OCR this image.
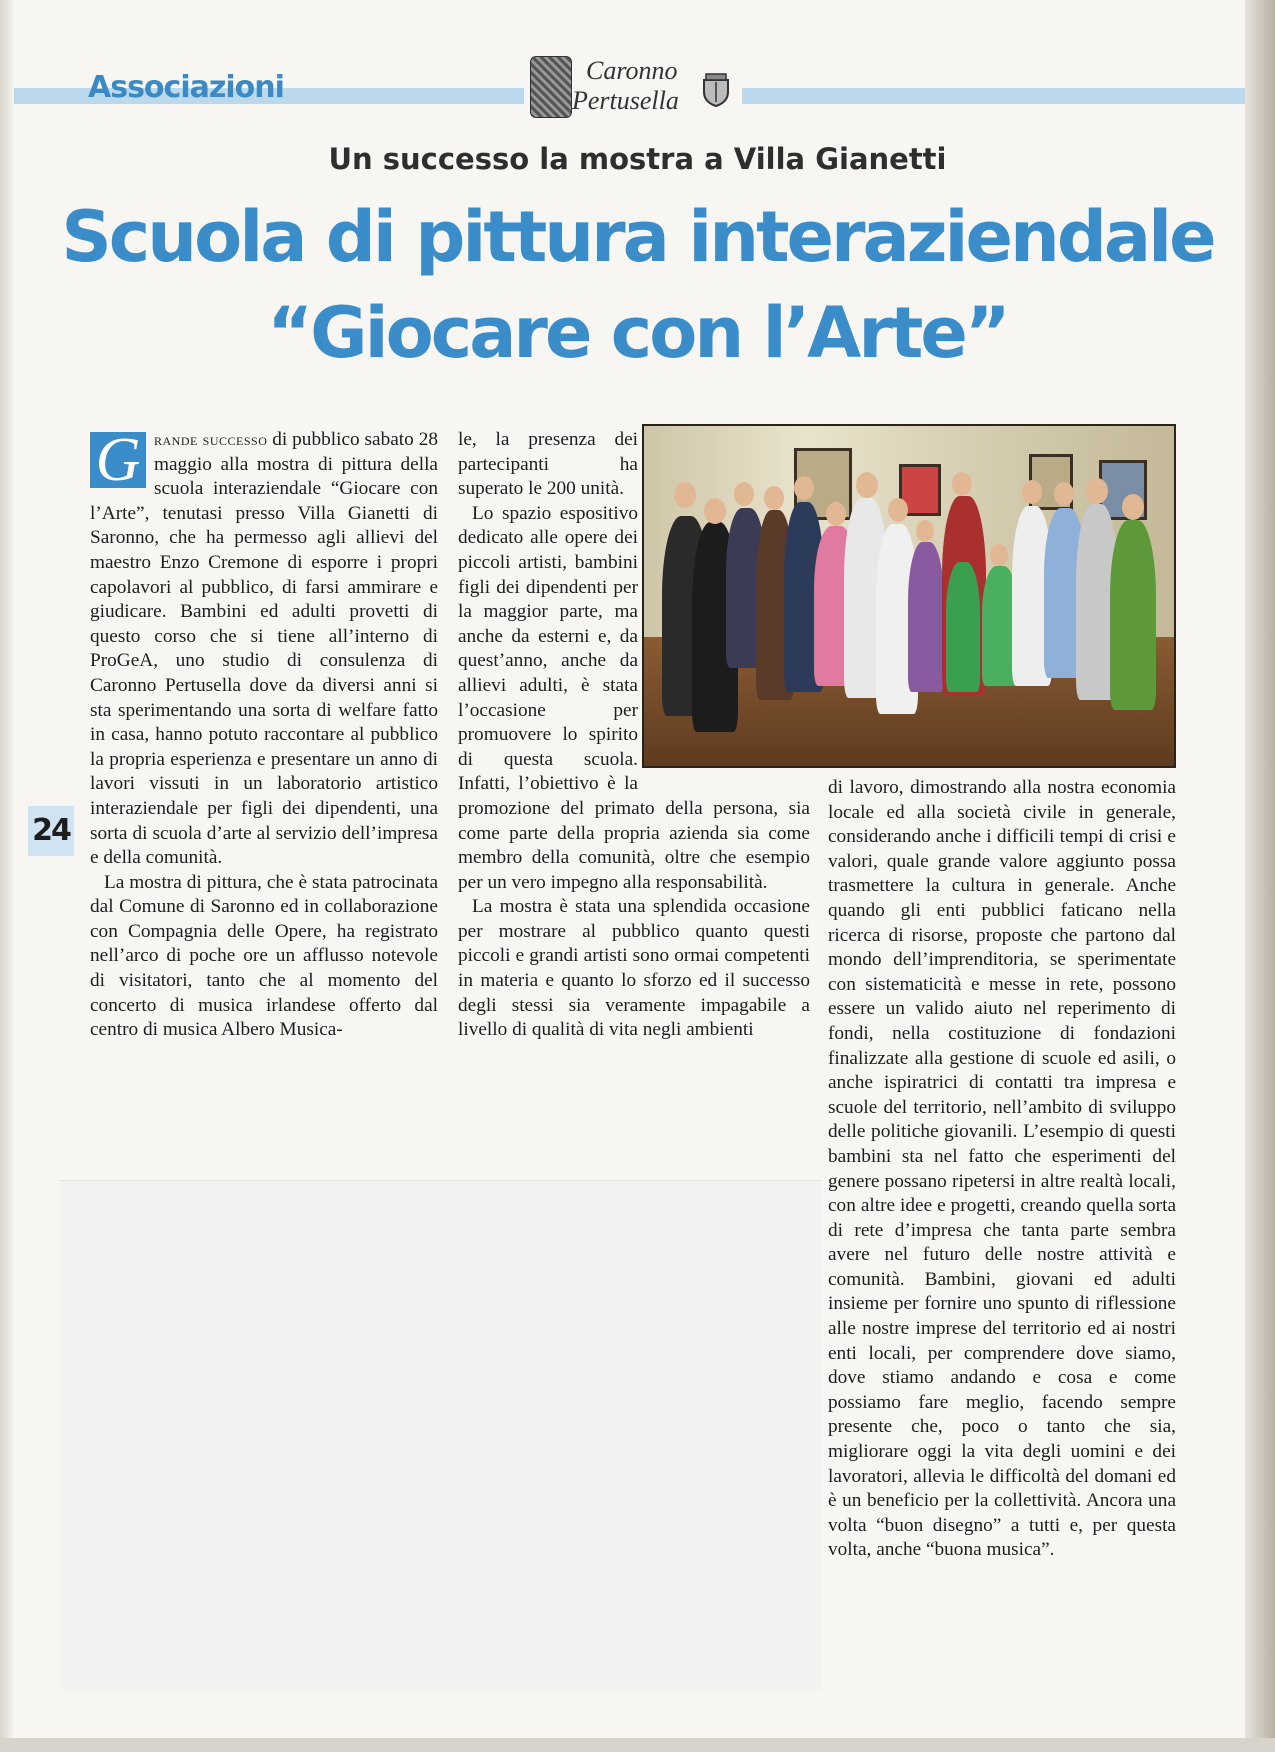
Associazioni	Caronno
Pertusella
Un successo la mostra a Villa Gianetti
Scuola di pittura interaziendale
“Giocare con l’Arte”

G rande successo di pubblico sabato 28 maggio alla mostra di pittura della scuola interaziendale “Giocare con l’Arte”, tenutasi presso Villa Gianetti di Saronno, che ha permesso agli allievi del maestro Enzo Cremone di esporre i propri capolavori al pubblico, di farsi ammirare e giudicare. Bambini ed adulti provetti di questo corso che si tiene all’interno di ProGeA, uno studio di consulenza di Caronno Pertusella dove da diversi anni si sta sperimentando una sorta di welfare fatto in casa, hanno potuto raccontare al pubblico la propria esperienza e presentare un anno di lavori vissuti in un laboratorio artistico interaziendale per figli dei dipendenti, una sorta di scuola d’arte al servizio dell’impresa e della comunità.

La mostra di pittura, che è stata patrocinata dal Comune di Saronno ed in collaborazione con Compagnia delle Opere, ha registrato nell’arco di poche ore un afflusso notevole di visitatori, tanto che al momento del concerto di musica irlandese offerto dal centro di musica Albero Musica-

le, la presenza dei partecipanti ha superato le 200 unità.

Lo spazio espositivo dedicato alle opere dei piccoli artisti, bambini figli dei dipendenti per la maggior parte, ma anche da esterni e, da quest’anno, anche da allievi adulti, è stata l’occasione per promuovere lo spirito di questa scuola. Infatti, l’obiettivo è la promozione del primato della persona, sia come parte della propria azienda sia come membro della comunità, oltre che esempio per un vero impegno alla responsabilità.

La mostra è stata una splendida occasione per mostrare al pubblico quanto questi piccoli e grandi artisti sono ormai competenti in materia e quanto lo sforzo ed il successo degli stessi sia veramente impagabile a livello di qualità di vita negli ambienti

di lavoro, dimostrando alla nostra economia locale ed alla società civile in generale, considerando anche i difficili tempi di crisi e valori, quale grande valore aggiunto possa trasmettere la cultura in generale. Anche quando gli enti pubblici faticano nella ricerca di risorse, proposte che partono dal mondo dell’imprenditoria, se sperimentate con sistematicità e messe in rete, possono essere un valido aiuto nel reperimento di fondi, nella costituzione di fondazioni finalizzate alla gestione di scuole ed asili, o anche ispiratrici di contatti tra impresa e scuole del territorio, nell’ambito di sviluppo delle politiche giovanili. L’esempio di questi bambini sta nel fatto che esperimenti del genere possano ripetersi in altre realtà locali, con altre idee e progetti, creando quella sorta di rete d’impresa che tanta parte sembra avere nel futuro delle nostre attività e comunità. Bambini, giovani ed adulti insieme per fornire uno spunto di riflessione alle nostre imprese del territorio ed ai nostri enti locali, per comprendere dove siamo, dove stiamo andando e cosa e come possiamo fare meglio, facendo sempre presente che, poco o tanto che sia, migliorare oggi la vita degli uomini e dei lavoratori, allevia le difficoltà del domani ed è un beneficio per la collettività. Ancora una volta “buon disegno” a tutti e, per questa volta, anche “buona musica”.

24
